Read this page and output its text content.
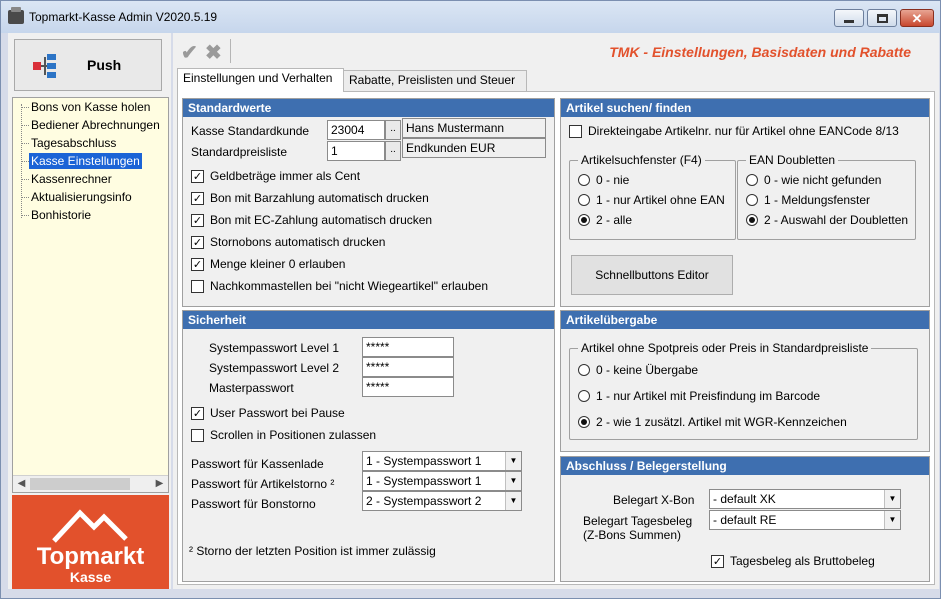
Topmarkt-Kasse Admin V2020.5.19	✕
Push
Bons von Kasse holen
Bediener Abrechnungen
Tagesabschluss
Kasse Einstellungen
Kassenrechner
Aktualisierungsinfo
Bonhistorie
◀	▶
Topmarkt
Kasse
✔ ✖	TMK - Einstellungen, Basisdaten und Rabatte
Einstellungen und Verhalten	Rabatte, Preislisten und Steuer
Standardwerte
Kasse Standardkunde	23004	.. Hans Mustermann
Standardpreisliste	1	.. Endkunden EUR
✓ Geldbeträge immer als Cent
✓ Bon mit Barzahlung automatisch drucken
✓ Bon mit EC-Zahlung automatisch drucken
✓ Stornobons automatisch drucken
✓ Menge kleiner 0 erlauben
Nachkommastellen bei "nicht Wiegeartikel" erlauben
Sicherheit
Systempasswort Level 1	*****
Systempasswort Level 2	*****
Masterpasswort	*****
✓ User Passwort bei Pause
Scrollen in Positionen zulassen
Passwort für Kassenlade	1 - Systempasswort 1	▼
Passwort für Artikelstorno ²	1 - Systempasswort 1	▼
Passwort für Bonstorno	2 - Systempasswort 2	▼
² Storno der letzten Position ist immer zulässig
Artikel suchen/ finden
Direkteingabe Artikelnr. nur für Artikel ohne EANCode 8/13
Artikelsuchfenster (F4)
0 - nie
1 - nur Artikel ohne EAN
2 - alle
EAN Doubletten
0 - wie nicht gefunden
1 - Meldungsfenster
2 - Auswahl der Doubletten
Schnellbuttons Editor
Artikelübergabe
Artikel ohne Spotpreis oder Preis in Standardpreisliste
0 - keine Übergabe
1 - nur Artikel mit Preisfindung im Barcode
2 - wie 1 zusätzl. Artikel mit WGR-Kennzeichen
Abschluss / Belegerstellung
Belegart X-Bon	- default XK	▼
Belegart Tagesbeleg
(Z-Bons Summen)
- default RE	▼
✓ Tagesbeleg als Bruttobeleg
